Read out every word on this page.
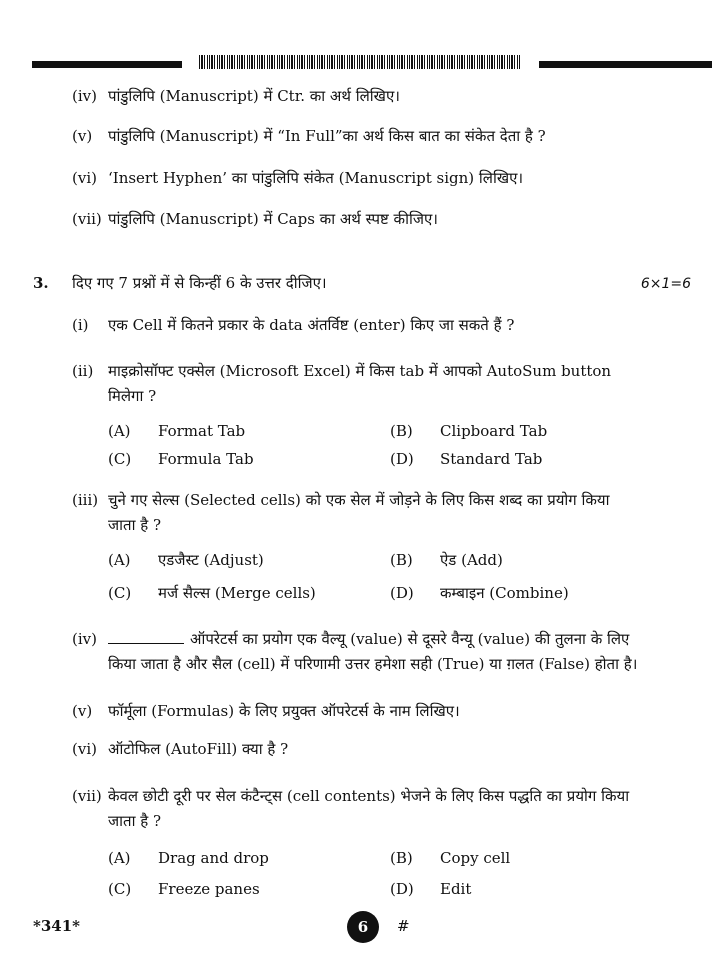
(iv) पांडुलिपि (Manuscript) में Ctr. का अर्थ लिखिए।
(v)	पांडुलिपि (Manuscript) में “In Full”का अर्थ किस बात का संकेत देता है ?
(vi) ‘Insert Hyphen’ का पांडुलिपि संकेत (Manuscript sign) लिखिए।
(vii) पांडुलिपि (Manuscript) में Caps का अर्थ स्पष्ट कीजिए।
3. दिए गए 7 प्रश्नों में से किन्हीं 6 के उत्तर दीजिए।	6×1=6
(i)	एक Cell में कितने प्रकार के data अंतर्विष्ट (enter) किए जा सकते हैं ?
(ii) माइक्रोसॉफ्ट एक्सेल (Microsoft Excel) में किस tab में आपको AutoSum button
मिलेगा ?
(A) Format Tab	(B) Clipboard Tab
(C) Formula Tab	(D) Standard Tab
(iii) चुने गए सेल्स (Selected cells) को एक सेल में जोड़ने के लिए किस शब्द का प्रयोग किया
जाता है ?
(A) एडजैस्ट (Adjust)	(B) ऐड (Add)
(C) मर्ज सैल्स (Merge cells)	(D) कम्बाइन (Combine)
(iv)	ऑपरेटर्स का प्रयोग एक वैल्यू (value) से दूसरे वैन्यू (value) की तुलना के लिए
किया जाता है और सैल (cell) में परिणामी उत्तर हमेशा सही (True) या ग़लत (False) होता है।
(v)	फॉर्मूला (Formulas) के लिए प्रयुक्त ऑपरेटर्स के नाम लिखिए।
(vi) ऑटोफिल (AutoFill) क्या है ?
(vii) केवल छोटी दूरी पर सेल कंटैन्ट्स (cell contents) भेजने के लिए किस पद्धति का प्रयोग किया
जाता है ?
(A) Drag and drop	(B) Copy cell
(C) Freeze panes	(D) Edit
*341*	6	#
